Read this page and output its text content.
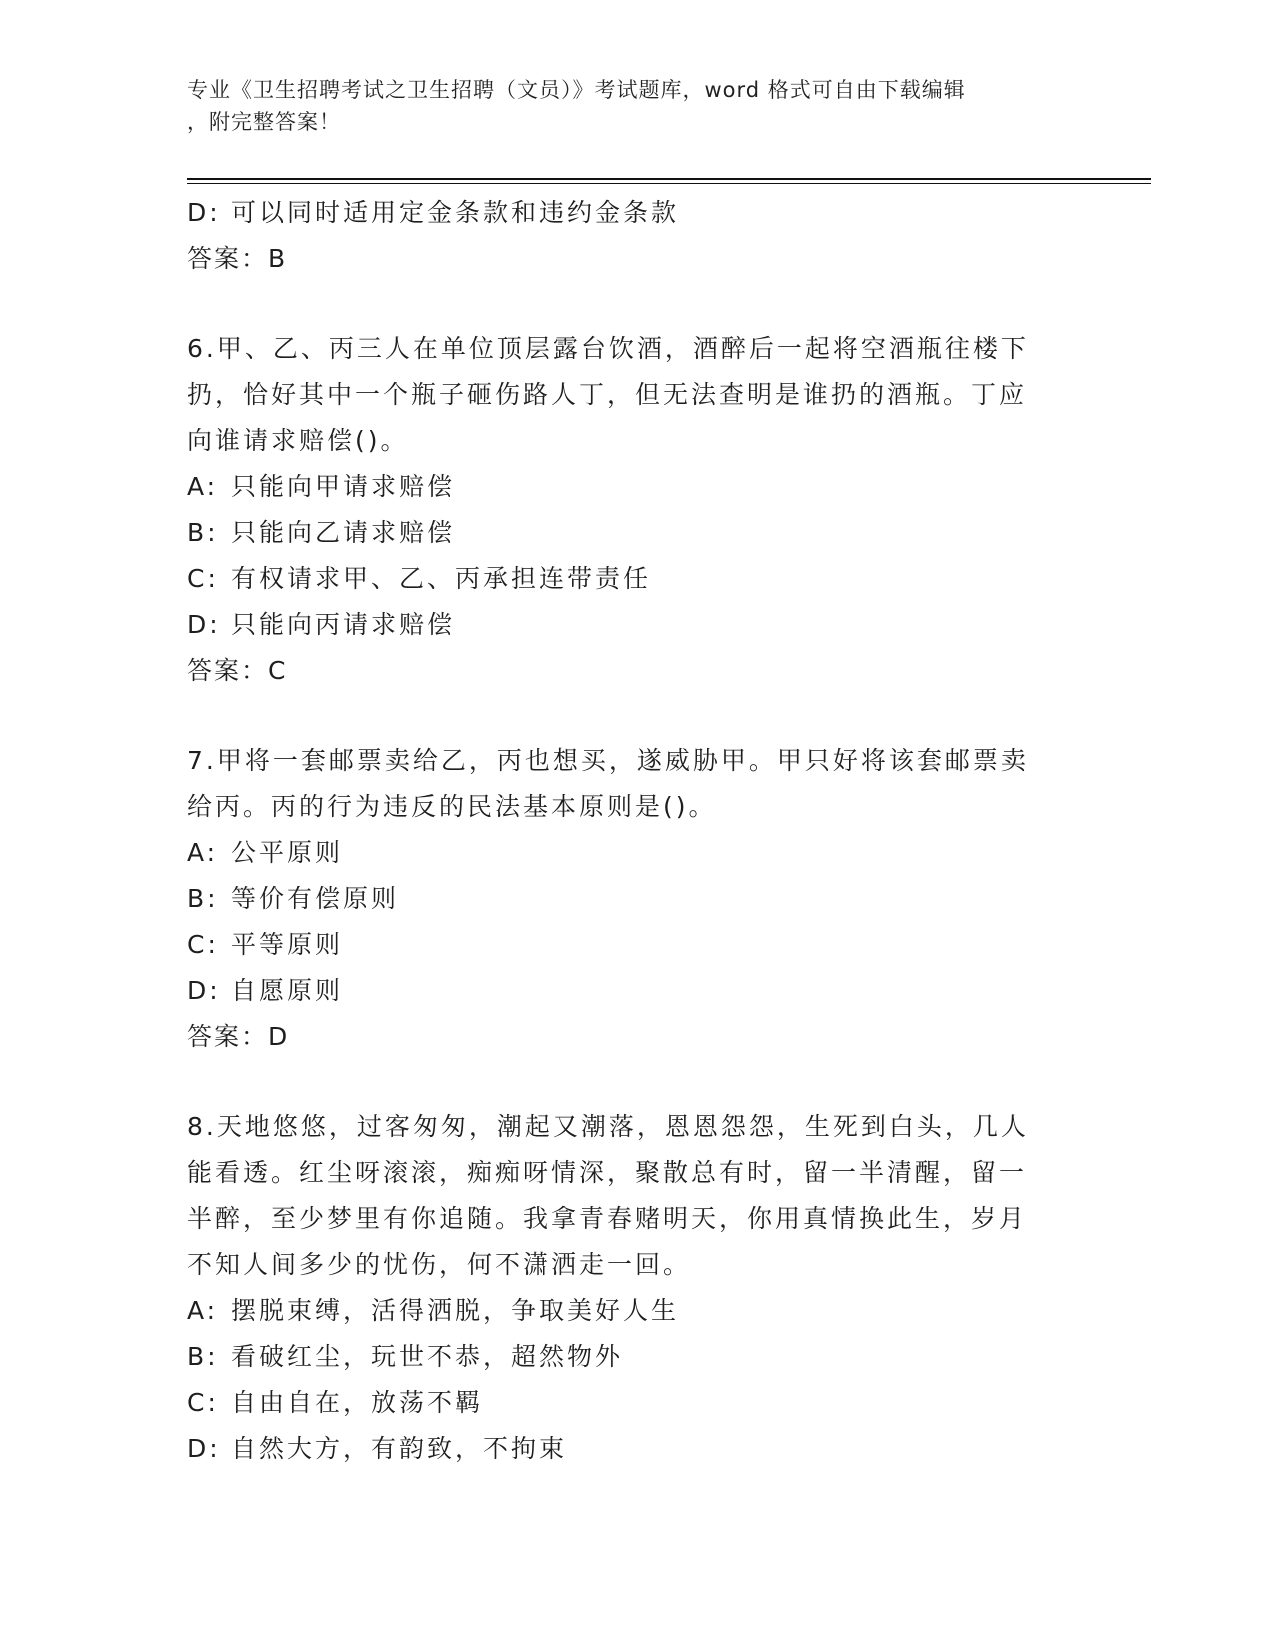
专业《卫生招聘考试之卫生招聘（文员）》考试题库，word 格式可自由下载编辑
，附完整答案！
D: 可以同时适用定金条款和违约金条款
答案：B
6.甲、乙、丙三人在单位顶层露台饮酒，酒醉后一起将空酒瓶往楼下
扔，恰好其中一个瓶子砸伤路人丁，但无法查明是谁扔的酒瓶。丁应
向谁请求赔偿()。
A: 只能向甲请求赔偿
B: 只能向乙请求赔偿
C: 有权请求甲、乙、丙承担连带责任
D: 只能向丙请求赔偿
答案：C
7.甲将一套邮票卖给乙，丙也想买，遂威胁甲。甲只好将该套邮票卖
给丙。丙的行为违反的民法基本原则是()。
A: 公平原则
B: 等价有偿原则
C: 平等原则
D: 自愿原则
答案：D
8.天地悠悠，过客匆匆，潮起又潮落，恩恩怨怨，生死到白头，几人
能看透。红尘呀滚滚，痴痴呀情深，聚散总有时，留一半清醒，留一
半醉，至少梦里有你追随。我拿青春赌明天，你用真情换此生，岁月
不知人间多少的忧伤，何不潇洒走一回。
A: 摆脱束缚，活得洒脱，争取美好人生
B: 看破红尘，玩世不恭，超然物外
C: 自由自在，放荡不羁
D: 自然大方，有韵致，不拘束
